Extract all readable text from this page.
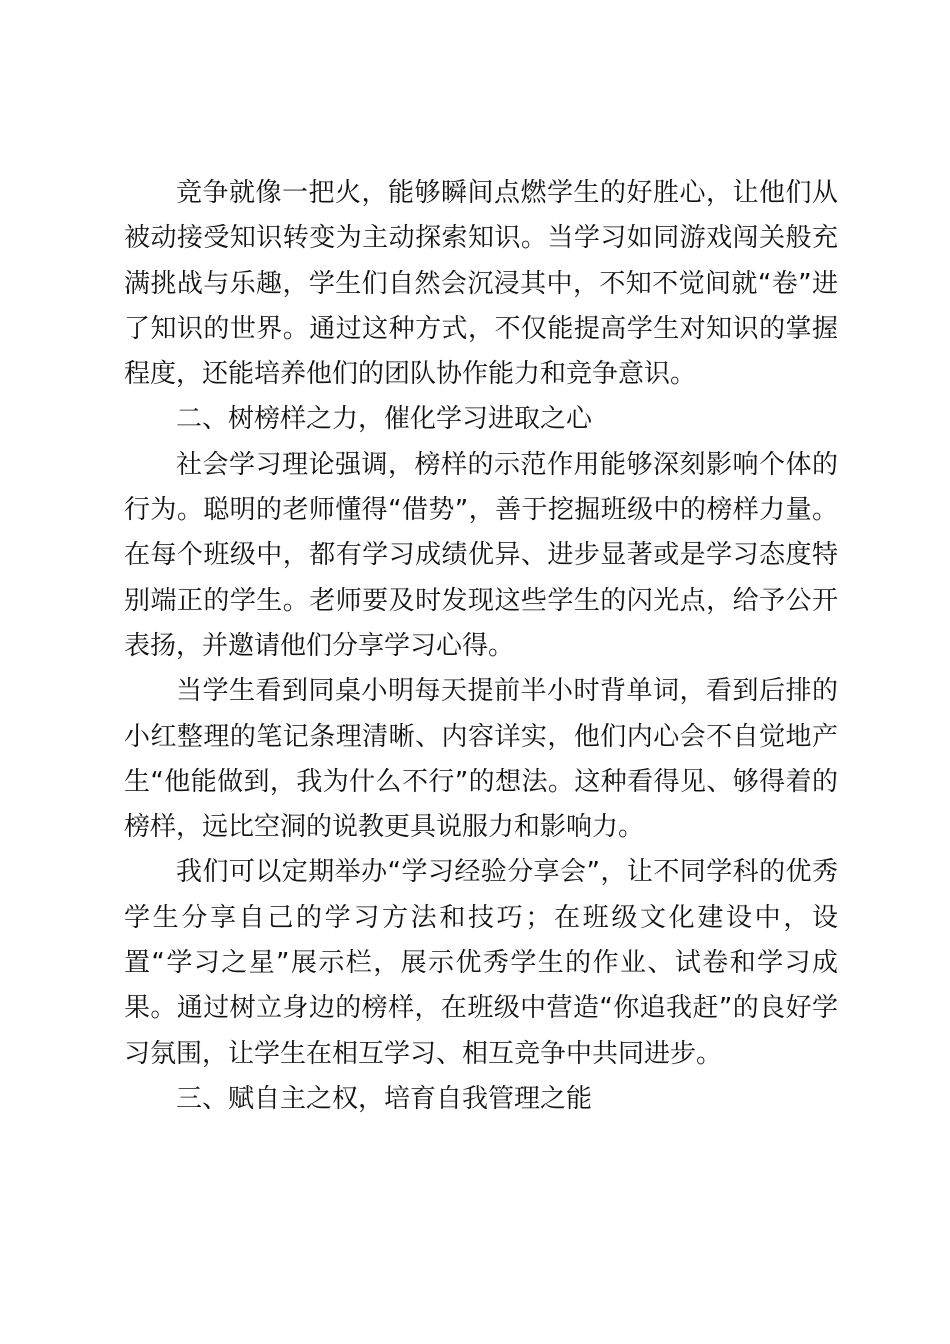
竞争就像一把火，能够瞬间点燃学生的好胜心，让他们从被动接受知识转变为主动探索知识。当学习如同游戏闯关般充满挑战与乐趣，学生们自然会沉浸其中，不知不觉间就“卷”进了知识的世界。通过这种方式，不仅能提高学生对知识的掌握程度，还能培养他们的团队协作能力和竞争意识。

二、树榜样之力，催化学习进取之心

社会学习理论强调，榜样的示范作用能够深刻影响个体的行为。聪明的老师懂得“借势”，善于挖掘班级中的榜样力量。在每个班级中，都有学习成绩优异、进步显著或是学习态度特别端正的学生。老师要及时发现这些学生的闪光点，给予公开表扬，并邀请他们分享学习心得。

当学生看到同桌小明每天提前半小时背单词，看到后排的小红整理的笔记条理清晰、内容详实，他们内心会不自觉地产生“他能做到，我为什么不行”的想法。这种看得见、够得着的榜样，远比空洞的说教更具说服力和影响力。

我们可以定期举办“学习经验分享会”，让不同学科的优秀学生分享自己的学习方法和技巧；在班级文化建设中，设置“学习之星”展示栏，展示优秀学生的作业、试卷和学习成果。通过树立身边的榜样，在班级中营造“你追我赶”的良好学习氛围，让学生在相互学习、相互竞争中共同进步。

三、赋自主之权，培育自我管理之能
